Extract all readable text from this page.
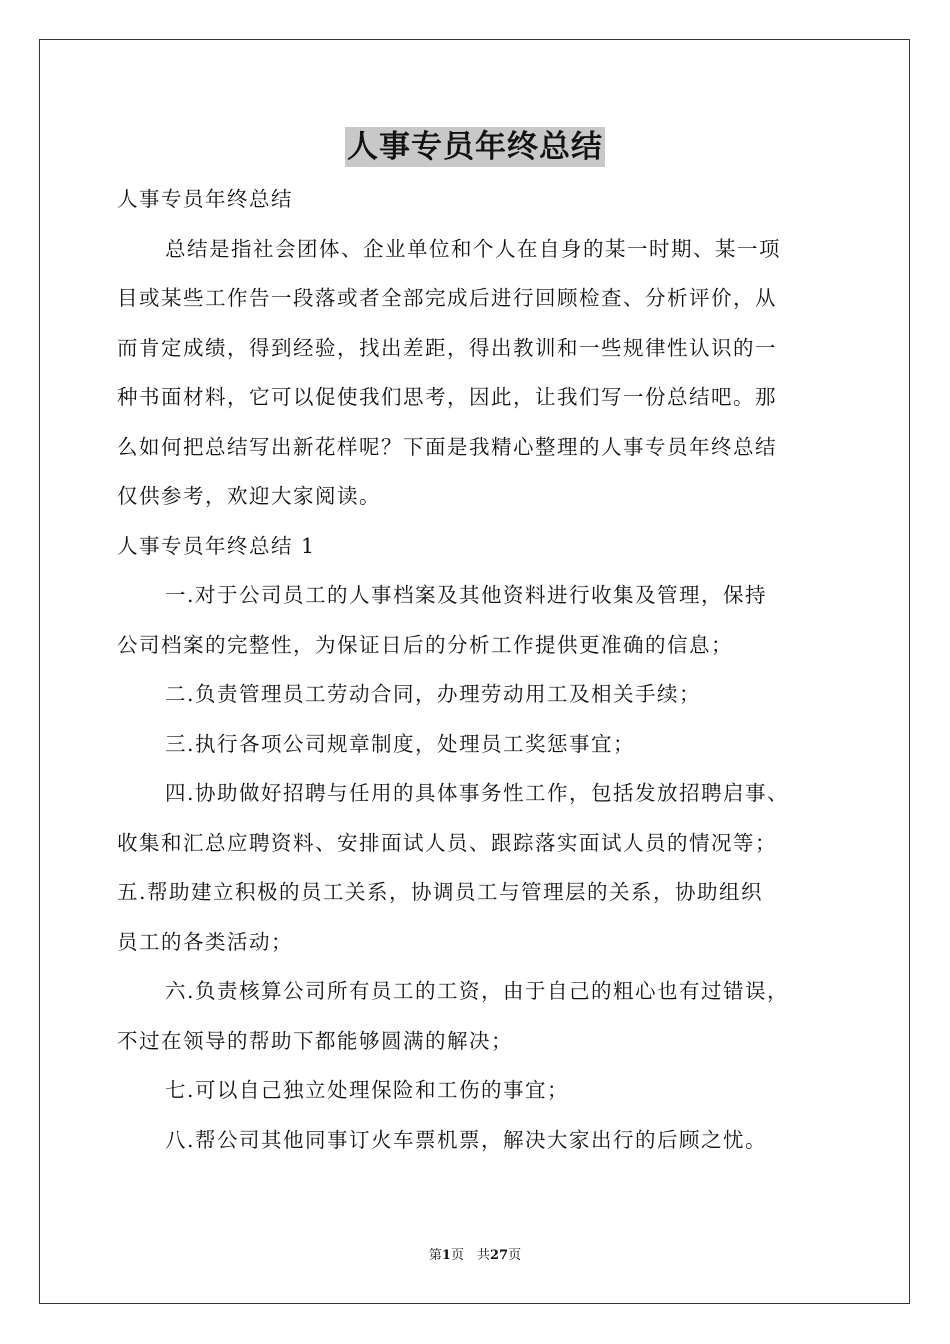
人事专员年终总结
人事专员年终总结
总结是指社会团体、企业单位和个人在自身的某一时期、某一项
目或某些工作告一段落或者全部完成后进行回顾检查、分析评价，从
而肯定成绩，得到经验，找出差距，得出教训和一些规律性认识的一
种书面材料，它可以促使我们思考，因此，让我们写一份总结吧。那
么如何把总结写出新花样呢？下面是我精心整理的人事专员年终总结
仅供参考，欢迎大家阅读。
人事专员年终总结 1
一.对于公司员工的人事档案及其他资料进行收集及管理，保持
公司档案的完整性，为保证日后的分析工作提供更准确的信息；
二.负责管理员工劳动合同，办理劳动用工及相关手续；
三.执行各项公司规章制度，处理员工奖惩事宜；
四.协助做好招聘与任用的具体事务性工作，包括发放招聘启事、
收集和汇总应聘资料、安排面试人员、跟踪落实面试人员的情况等；
五.帮助建立积极的员工关系，协调员工与管理层的关系，协助组织
员工的各类活动；
六.负责核算公司所有员工的工资，由于自己的粗心也有过错误，
不过在领导的帮助下都能够圆满的解决；
七.可以自己独立处理保险和工伤的事宜；
八.帮公司其他同事订火车票机票，解决大家出行的后顾之忧。
第1页　共27页
